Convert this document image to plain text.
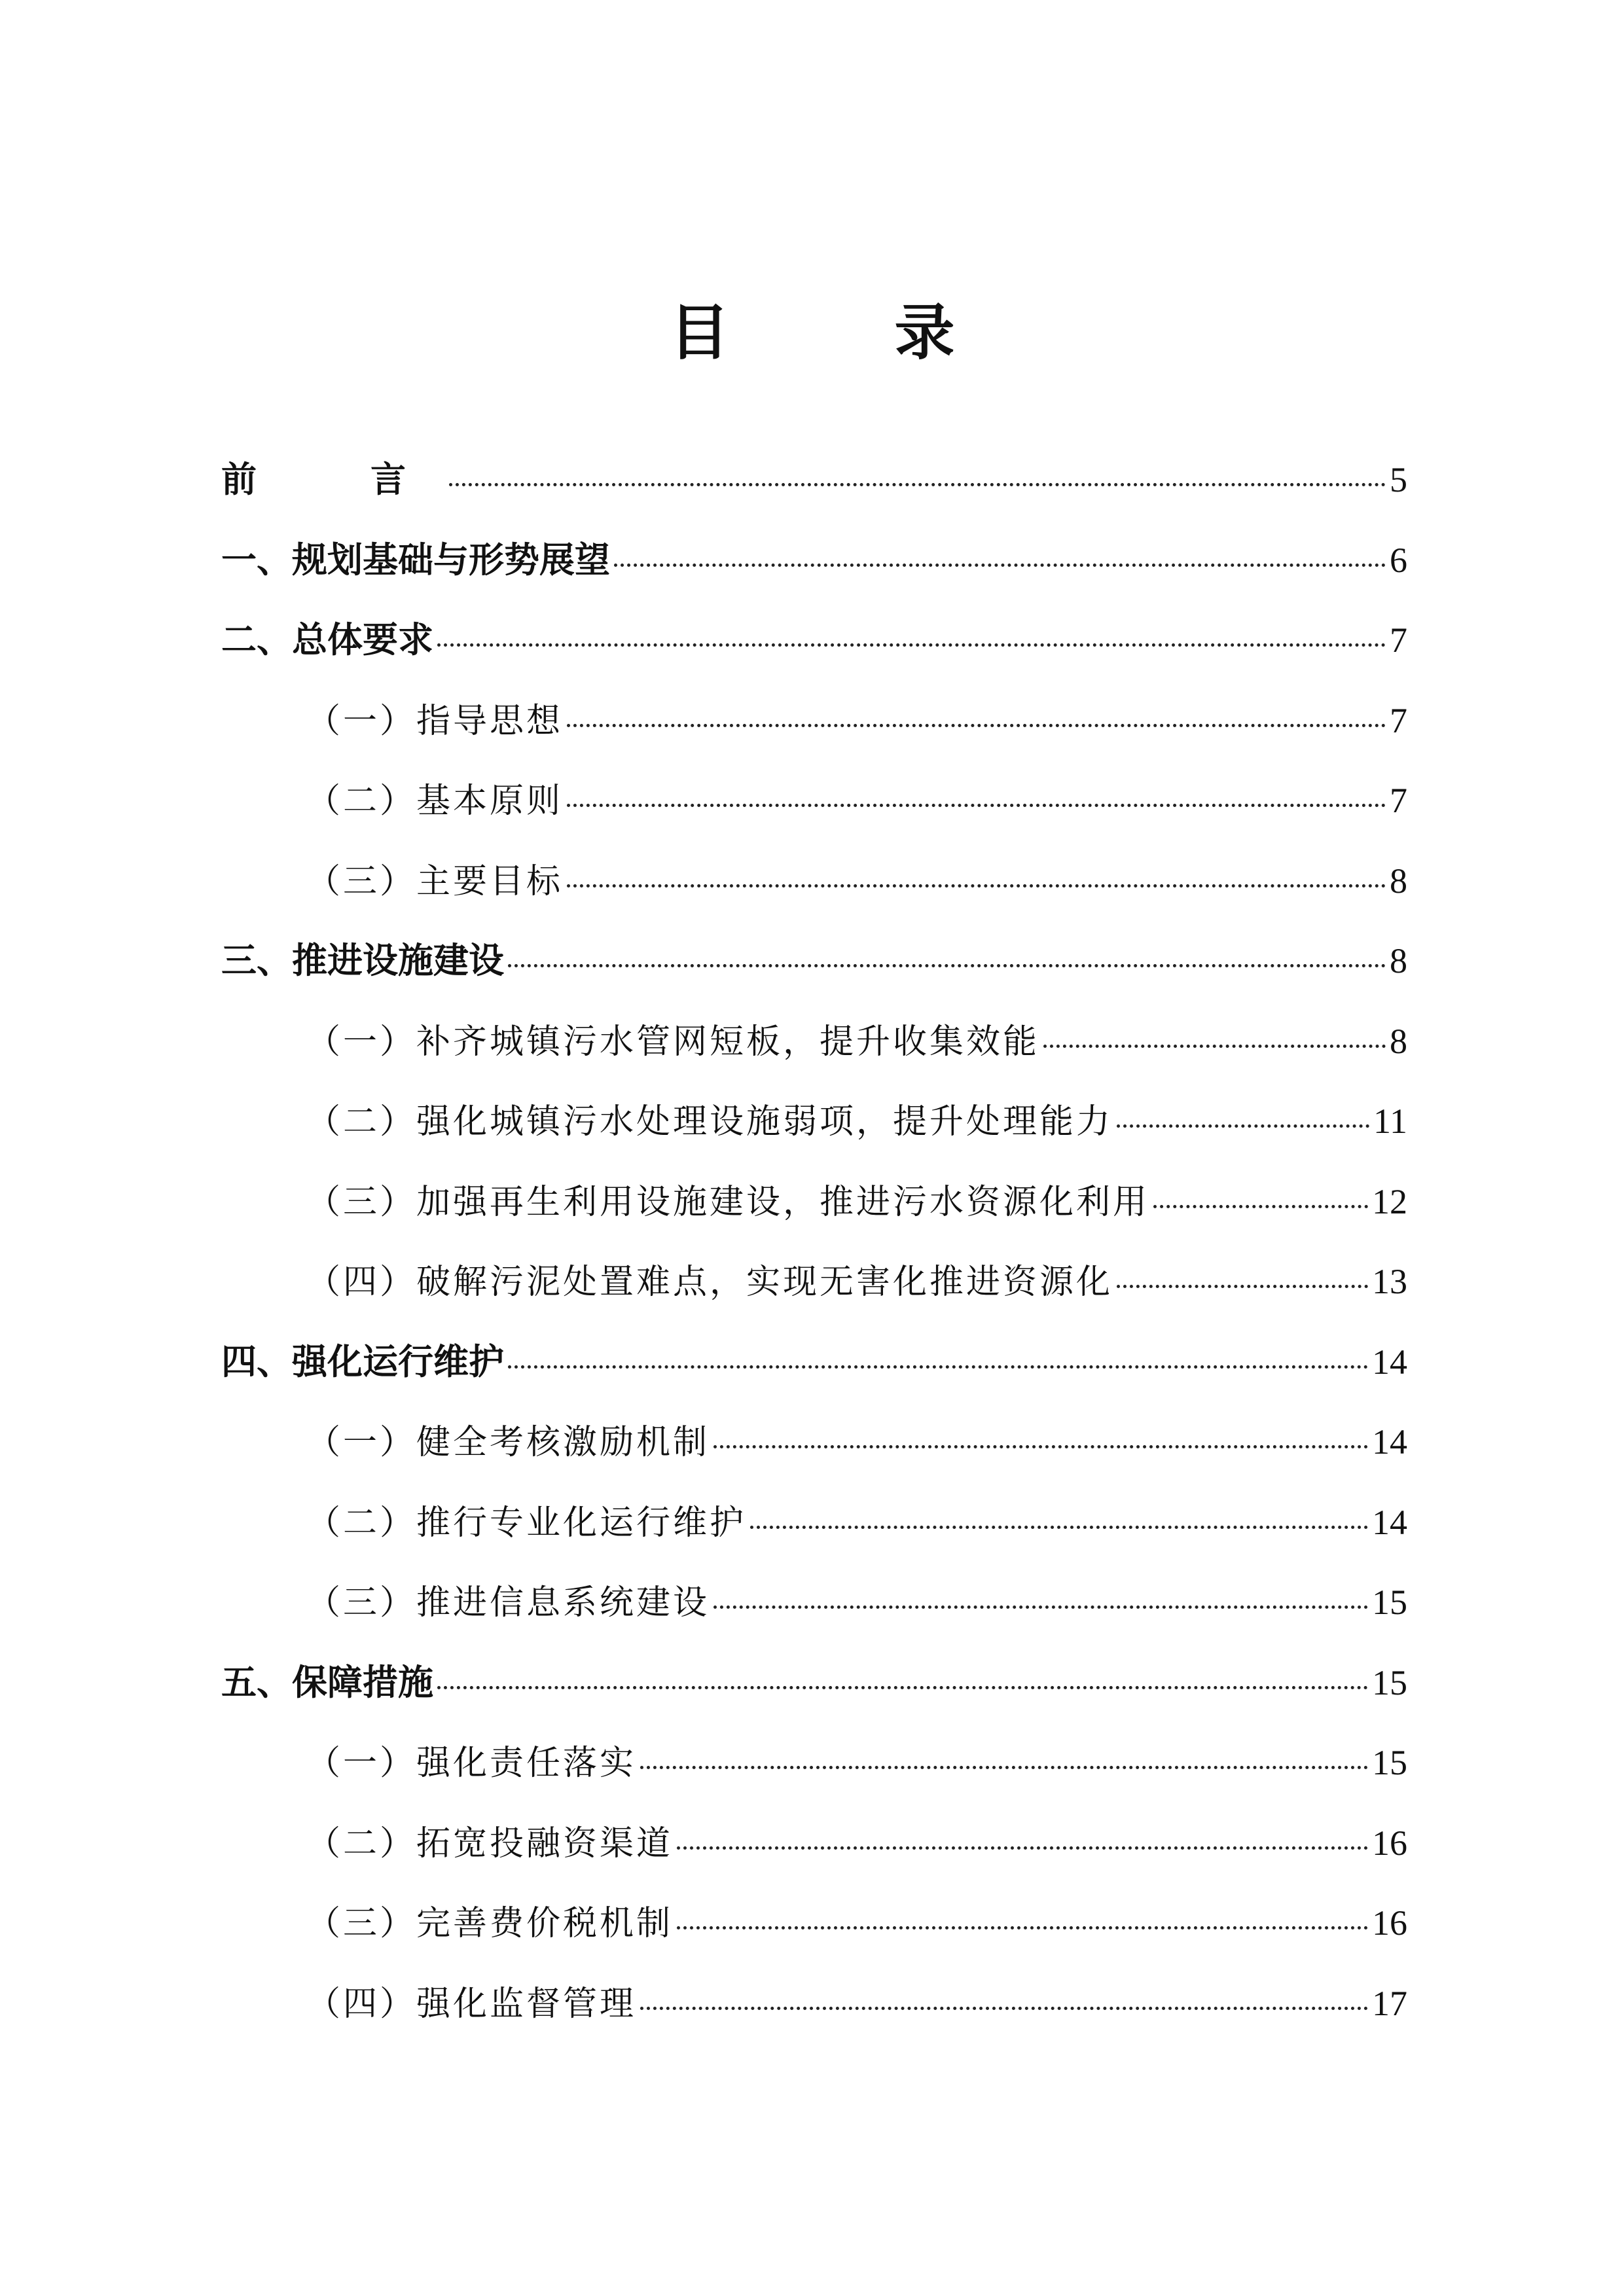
目　录
前　言	5
一、规划基础与形势展望	6
二、总体要求	7
（一）指导思想	7
（二）基本原则	7
（三）主要目标	8
三、推进设施建设	8
（一）补齐城镇污水管网短板，提升收集效能	8
（二）强化城镇污水处理设施弱项，提升处理能力	11
（三）加强再生利用设施建设，推进污水资源化利用	12
（四）破解污泥处置难点，实现无害化推进资源化	13
四、强化运行维护	14
（一）健全考核激励机制	14
（二）推行专业化运行维护	14
（三）推进信息系统建设	15
五、保障措施	15
（一）强化责任落实	15
（二）拓宽投融资渠道	16
（三）完善费价税机制	16
（四）强化监督管理	17
